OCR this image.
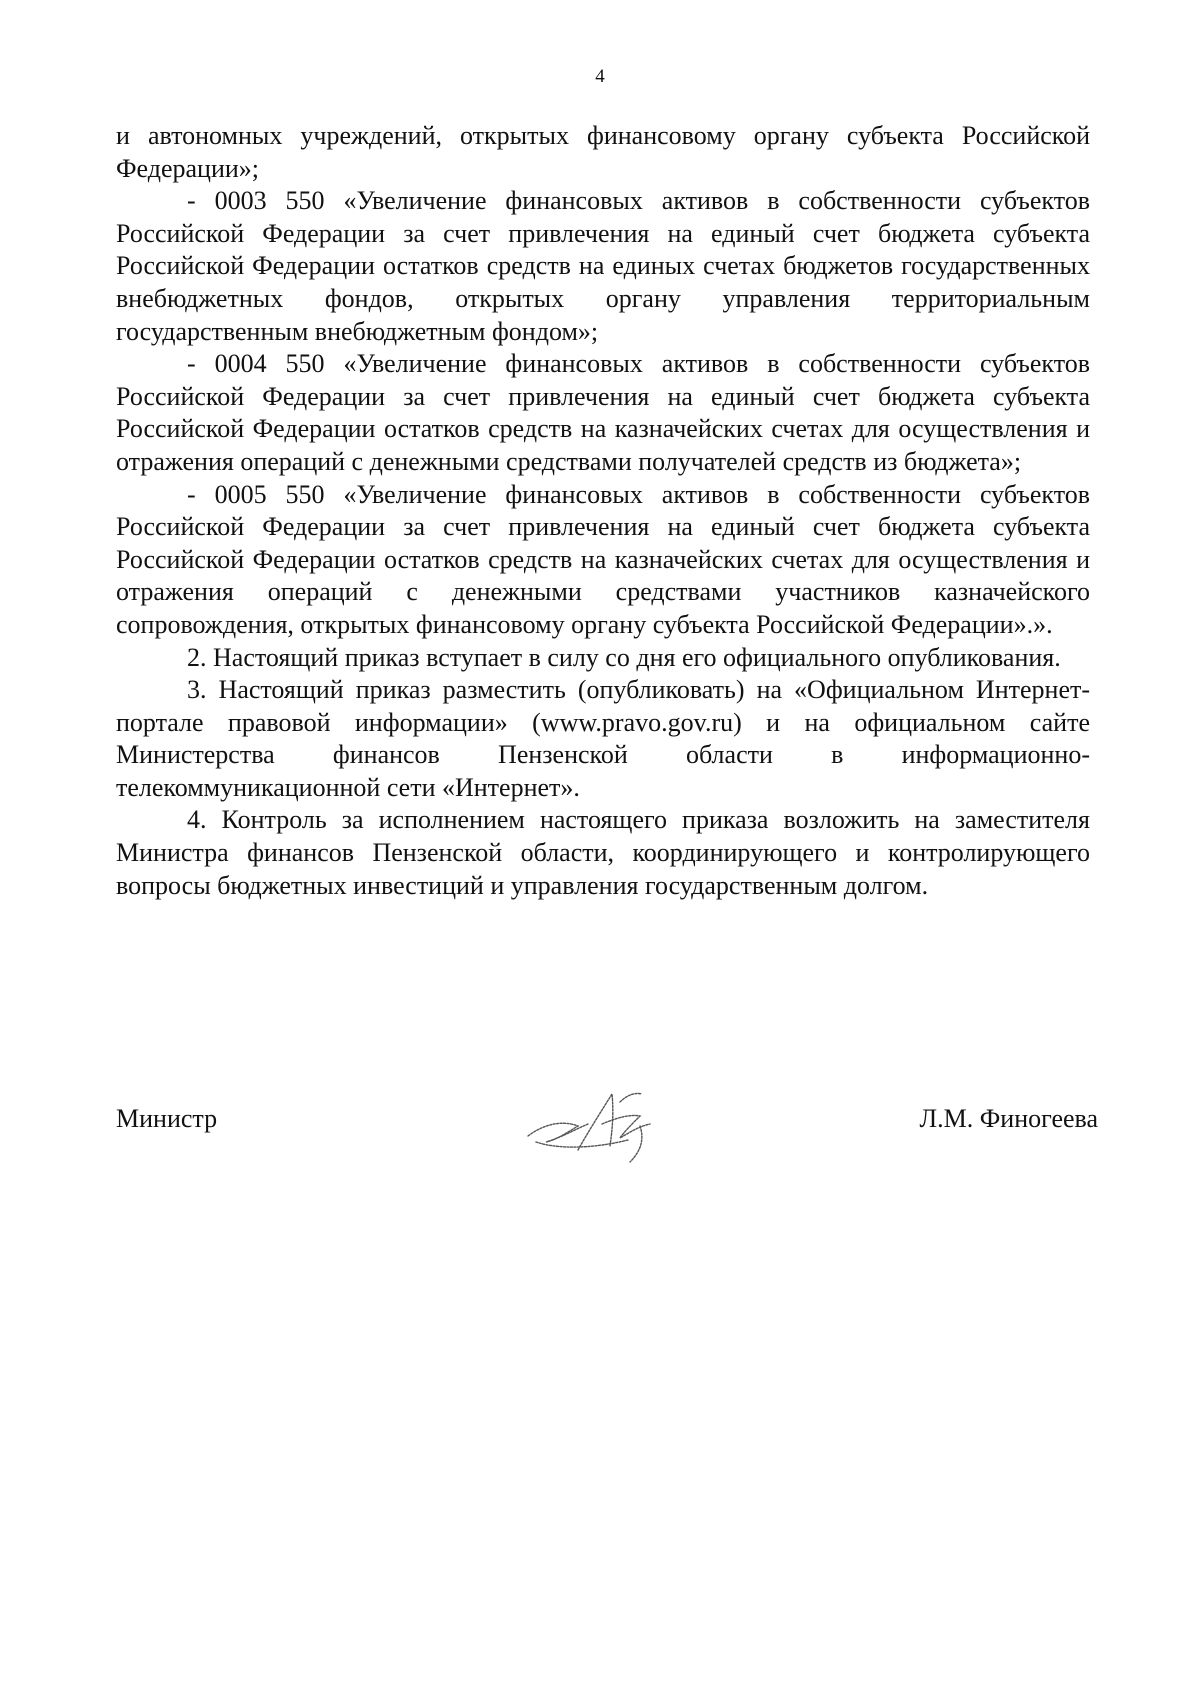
4

и автономных учреждений, открытых финансовому органу субъекта Российской Федерации»;

- 0003 550 «Увеличение финансовых активов в собственности субъектов Российской Федерации за счет привлечения на единый счет бюджета субъекта Российской Федерации остатков средств на единых счетах бюджетов государственных внебюджетных фондов, открытых органу управления территориальным государственным внебюджетным фондом»;

- 0004 550 «Увеличение финансовых активов в собственности субъектов Российской Федерации за счет привлечения на единый счет бюджета субъекта Российской Федерации остатков средств на казначейских счетах для осуществления и отражения операций с денежными средствами получателей средств из бюджета»;

- 0005 550 «Увеличение финансовых активов в собственности субъектов Российской Федерации за счет привлечения на единый счет бюджета субъекта Российской Федерации остатков средств на казначейских счетах для осуществления и отражения операций с денежными средствами участников казначейского сопровождения, открытых финансовому органу субъекта Российской Федерации».».

2. Настоящий приказ вступает в силу со дня его официального опубликования.

3. Настоящий приказ разместить (опубликовать) на «Официальном Интернет-портале правовой информации» (www.pravo.gov.ru) и на официальном сайте Министерства финансов Пензенской области в информационно-телекоммуникационной сети «Интернет».

4. Контроль за исполнением настоящего приказа возложить на заместителя Министра финансов Пензенской области, координирующего и контролирующего вопросы бюджетных инвестиций и управления государственным долгом.

Министр	Л.М. Финогеева
